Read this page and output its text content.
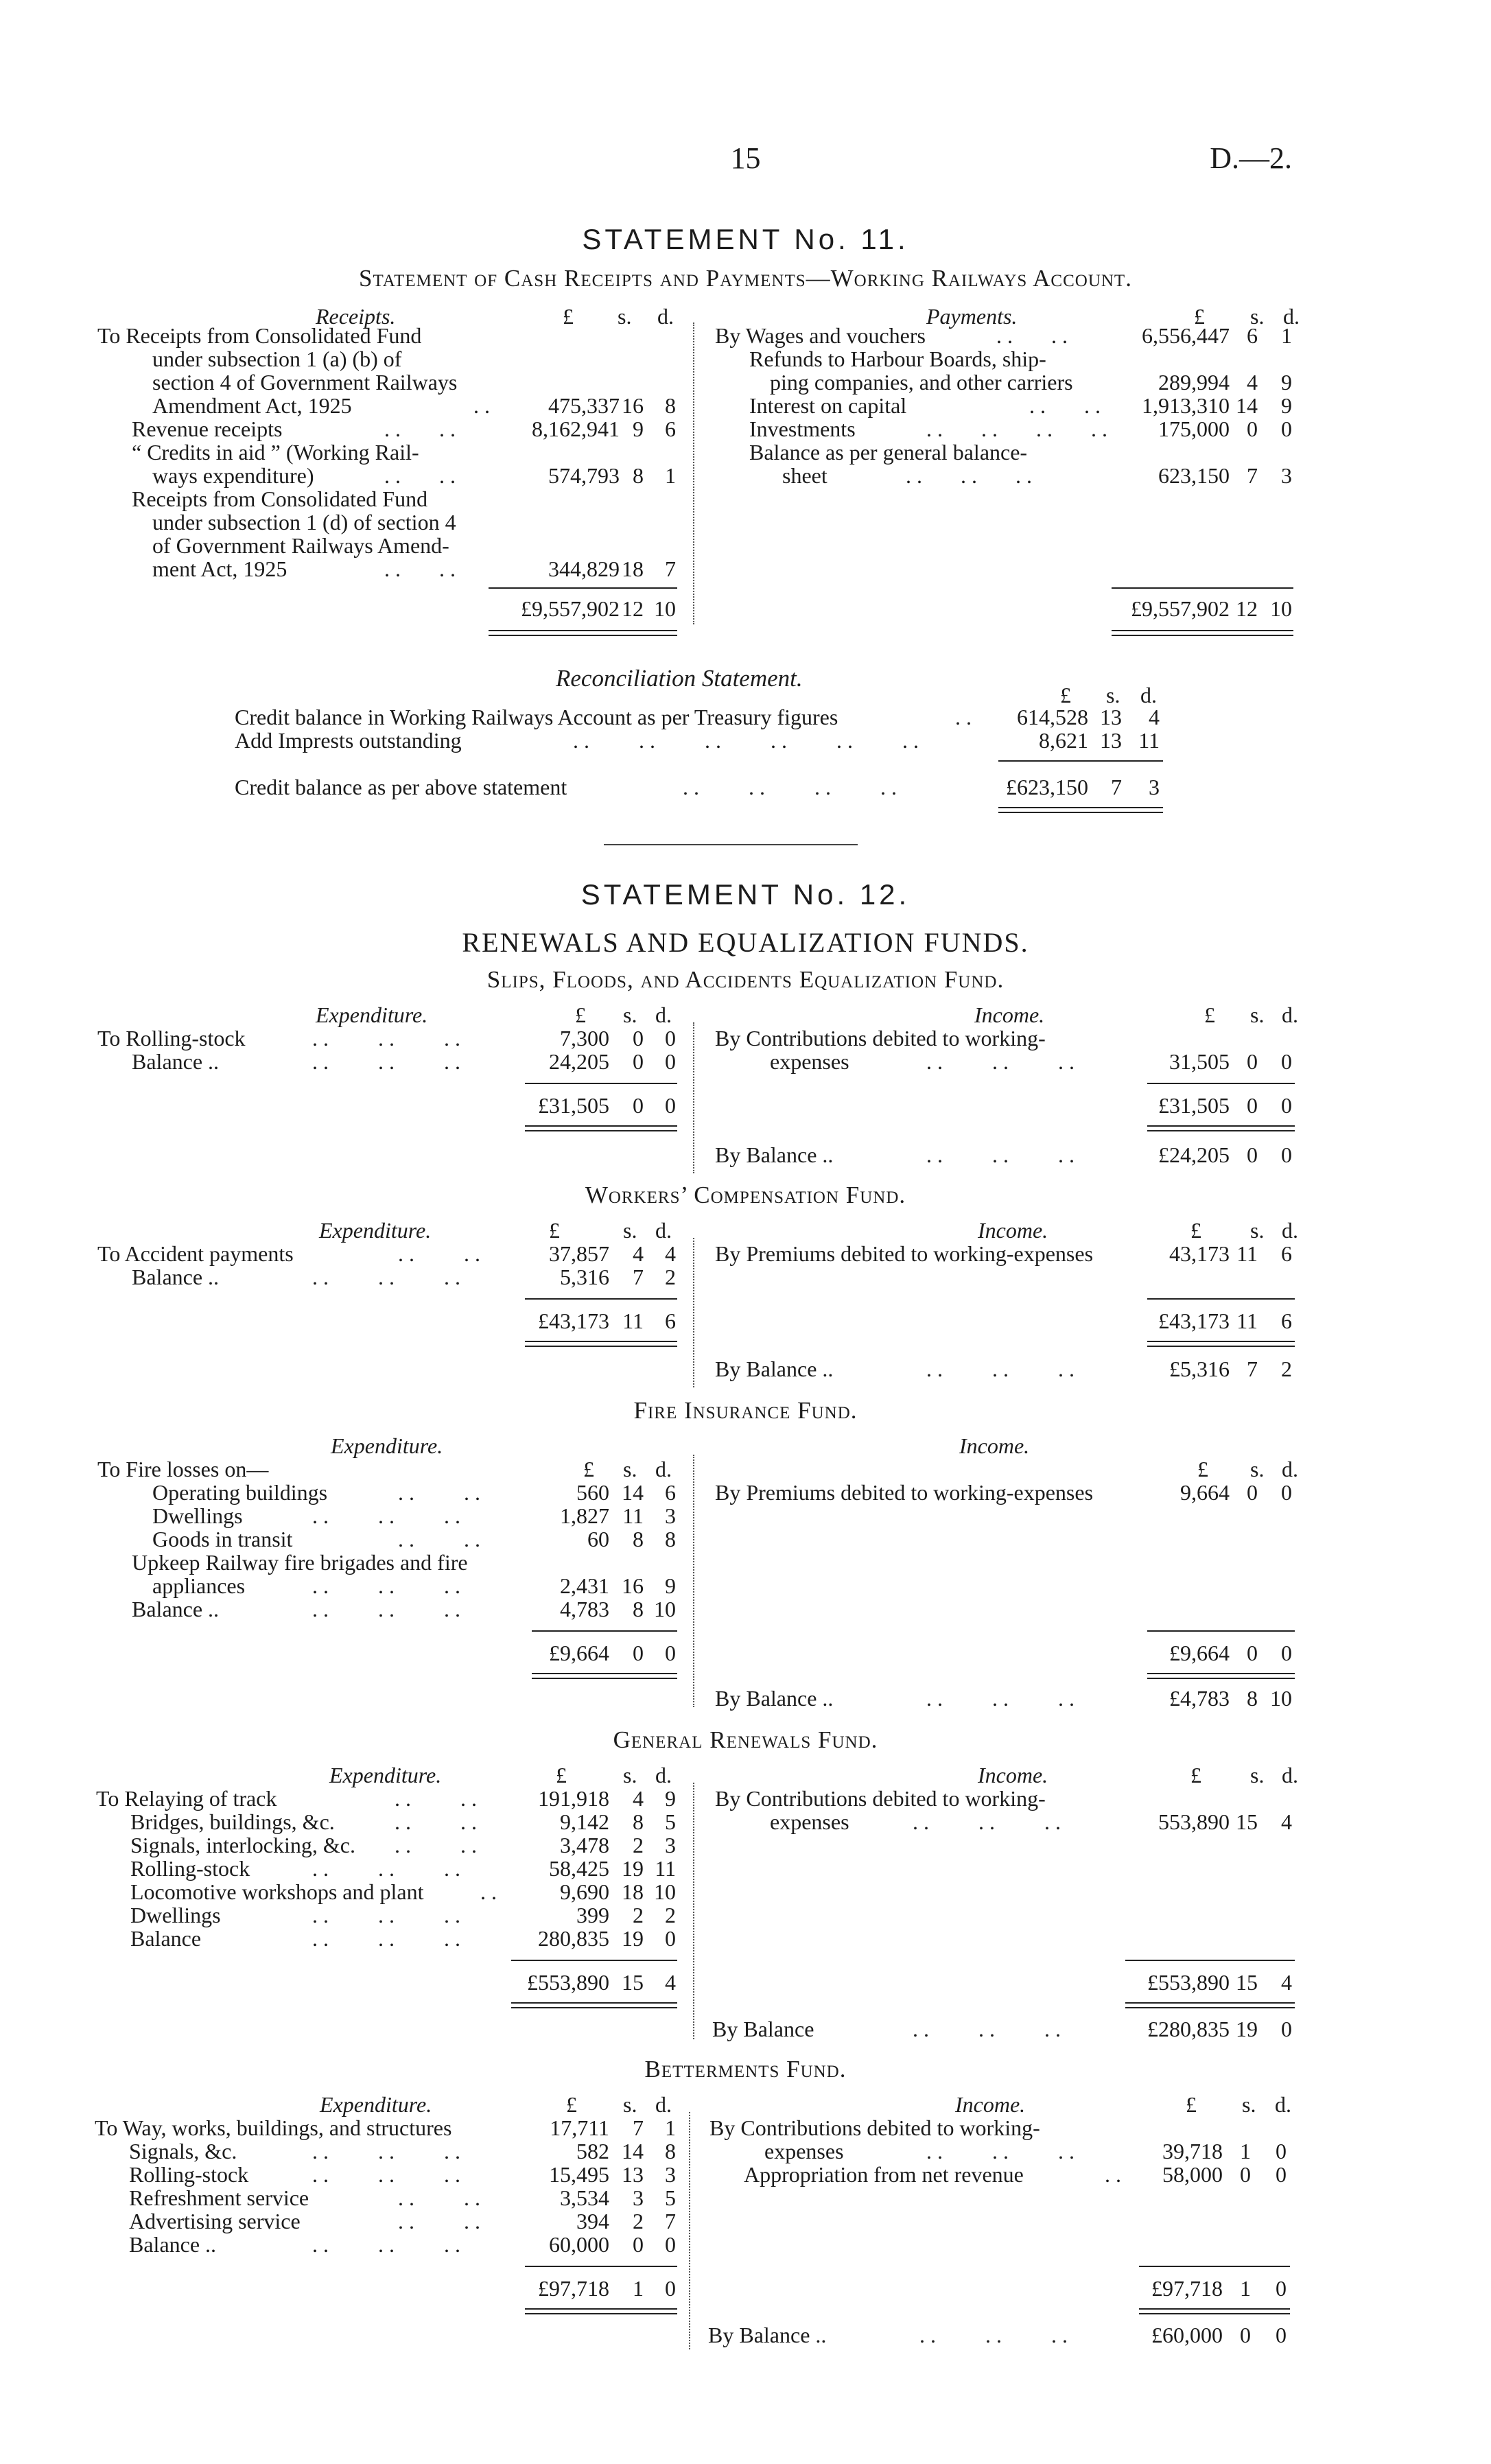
15	D.—2.
STATEMENT No. 11.
Statement of Cash Receipts and Payments—Working Railways Account.
Receipts.	£ s. d.	Payments.	£ s. d.
To Receipts from Consolidated Fund
under subsection 1 (a) (b) of
section 4 of Government Railways
Amendment Act, 1925	.. 475,337 16 8
Revenue receipts	..   ..	8,162,941 9 6
“ Credits in aid ” (Working Rail-
ways expenditure)	..   ..	574,793 8 1
Receipts from Consolidated Fund
under subsection 1 (d) of section 4
of Government Railways Amend-
ment Act, 1925	..   ..	344,829 18 7
£9,557,902 12 10
By Wages and vouchers	..   ..	6,556,447 6 1
Refunds to Harbour Boards, ship-
ping companies, and other carriers	289,994 4 9
Interest on capital	..   .. 1,913,310 14 9
Investments	..   ..   ..   .. 175,000 0 0
Balance as per general balance-
sheet	..   ..   ..	623,150 7 3
£9,557,902 12 10
Reconciliation Statement.
£ s. d.
Credit balance in Working Railways Account as per Treasury figures	.. 614,528 13 4
Add Imprests outstanding	..    ..    ..    ..    ..    ..	8,621 13 11
Credit balance as per above statement	..    ..    ..    ..	£623,150 7 3
STATEMENT No. 12.
RENEWALS AND EQUALIZATION FUNDS.
Slips, Floods, and Accidents Equalization Fund.
Expenditure.	£ s. d.	Income.	£ s. d.
To Rolling-stock	..    ..    ..	7,300 0 0
Balance ..	..    ..    ..	24,205 0 0
£31,505 0 0
By Contributions debited to working-
expenses	..    ..    ..	31,505 0 0
£31,505 0 0
By Balance ..	..    ..    ..	£24,205 0 0
Workers’ Compensation Fund.
Expenditure.	£	s. d.	Income.	£ s. d.
To Accident payments	..    ..	37,857 4 4
Balance ..	..    ..    ..	5,316 7 2
£43,173 11 6
By Premiums debited to working-expenses	43,173 11 6
£43,173 11 6
By Balance ..	..    ..    ..	£5,316 7 2
Fire Insurance Fund.
Expenditure.	Income.
£ s. d.	£ s. d.
To Fire losses on—
Operating buildings	..    ..	560 14 6
Dwellings	..    ..    ..	1,827 11 3
Goods in transit	..    ..	60 8 8
Upkeep Railway fire brigades and fire
appliances	..    ..    ..	2,431 16 9
Balance ..	..    ..    ..	4,783 8 10
£9,664 0 0
By Premiums debited to working-expenses	9,664 0 0
£9,664 0 0
By Balance ..	..    ..    ..	£4,783 8 10
General Renewals Fund.
Expenditure.	£	s. d.	Income.	£ s. d.
To Relaying of track	..    ..	191,918 4 9
Bridges, buildings, &c.	..    ..	9,142 8 5
Signals, interlocking, &c. ..    ..	3,478 2 3
Rolling-stock	..    ..    ..	58,425 19 11
Locomotive workshops and plant	..	9,690 18 10
Dwellings	..    ..    ..	399 2 2
Balance	..    ..    ..	280,835 19 0
£553,890 15 4
By Contributions debited to working-
expenses	..    ..    ..	553,890 15 4
£553,890 15 4
By Balance	..    ..    ..	£280,835 19 0
Betterments Fund.
Expenditure.	£ s. d.	Income.	£ s. d.
To Way, works, buildings, and structures	17,711 7 1
Signals, &c.	..    ..    ..	582 14 8
Rolling-stock	..    ..    ..	15,495 13 3
Refreshment service	..    ..	3,534 3 5
Advertising service	..    ..	394 2 7
Balance ..	..    ..    ..	60,000 0 0
£97,718 1 0
By Contributions debited to working-
expenses	..    ..    ..	39,718 1 0
Appropriation from net revenue	.. 58,000 0 0
£97,718 1 0
By Balance ..	..    ..    ..	£60,000 0 0
